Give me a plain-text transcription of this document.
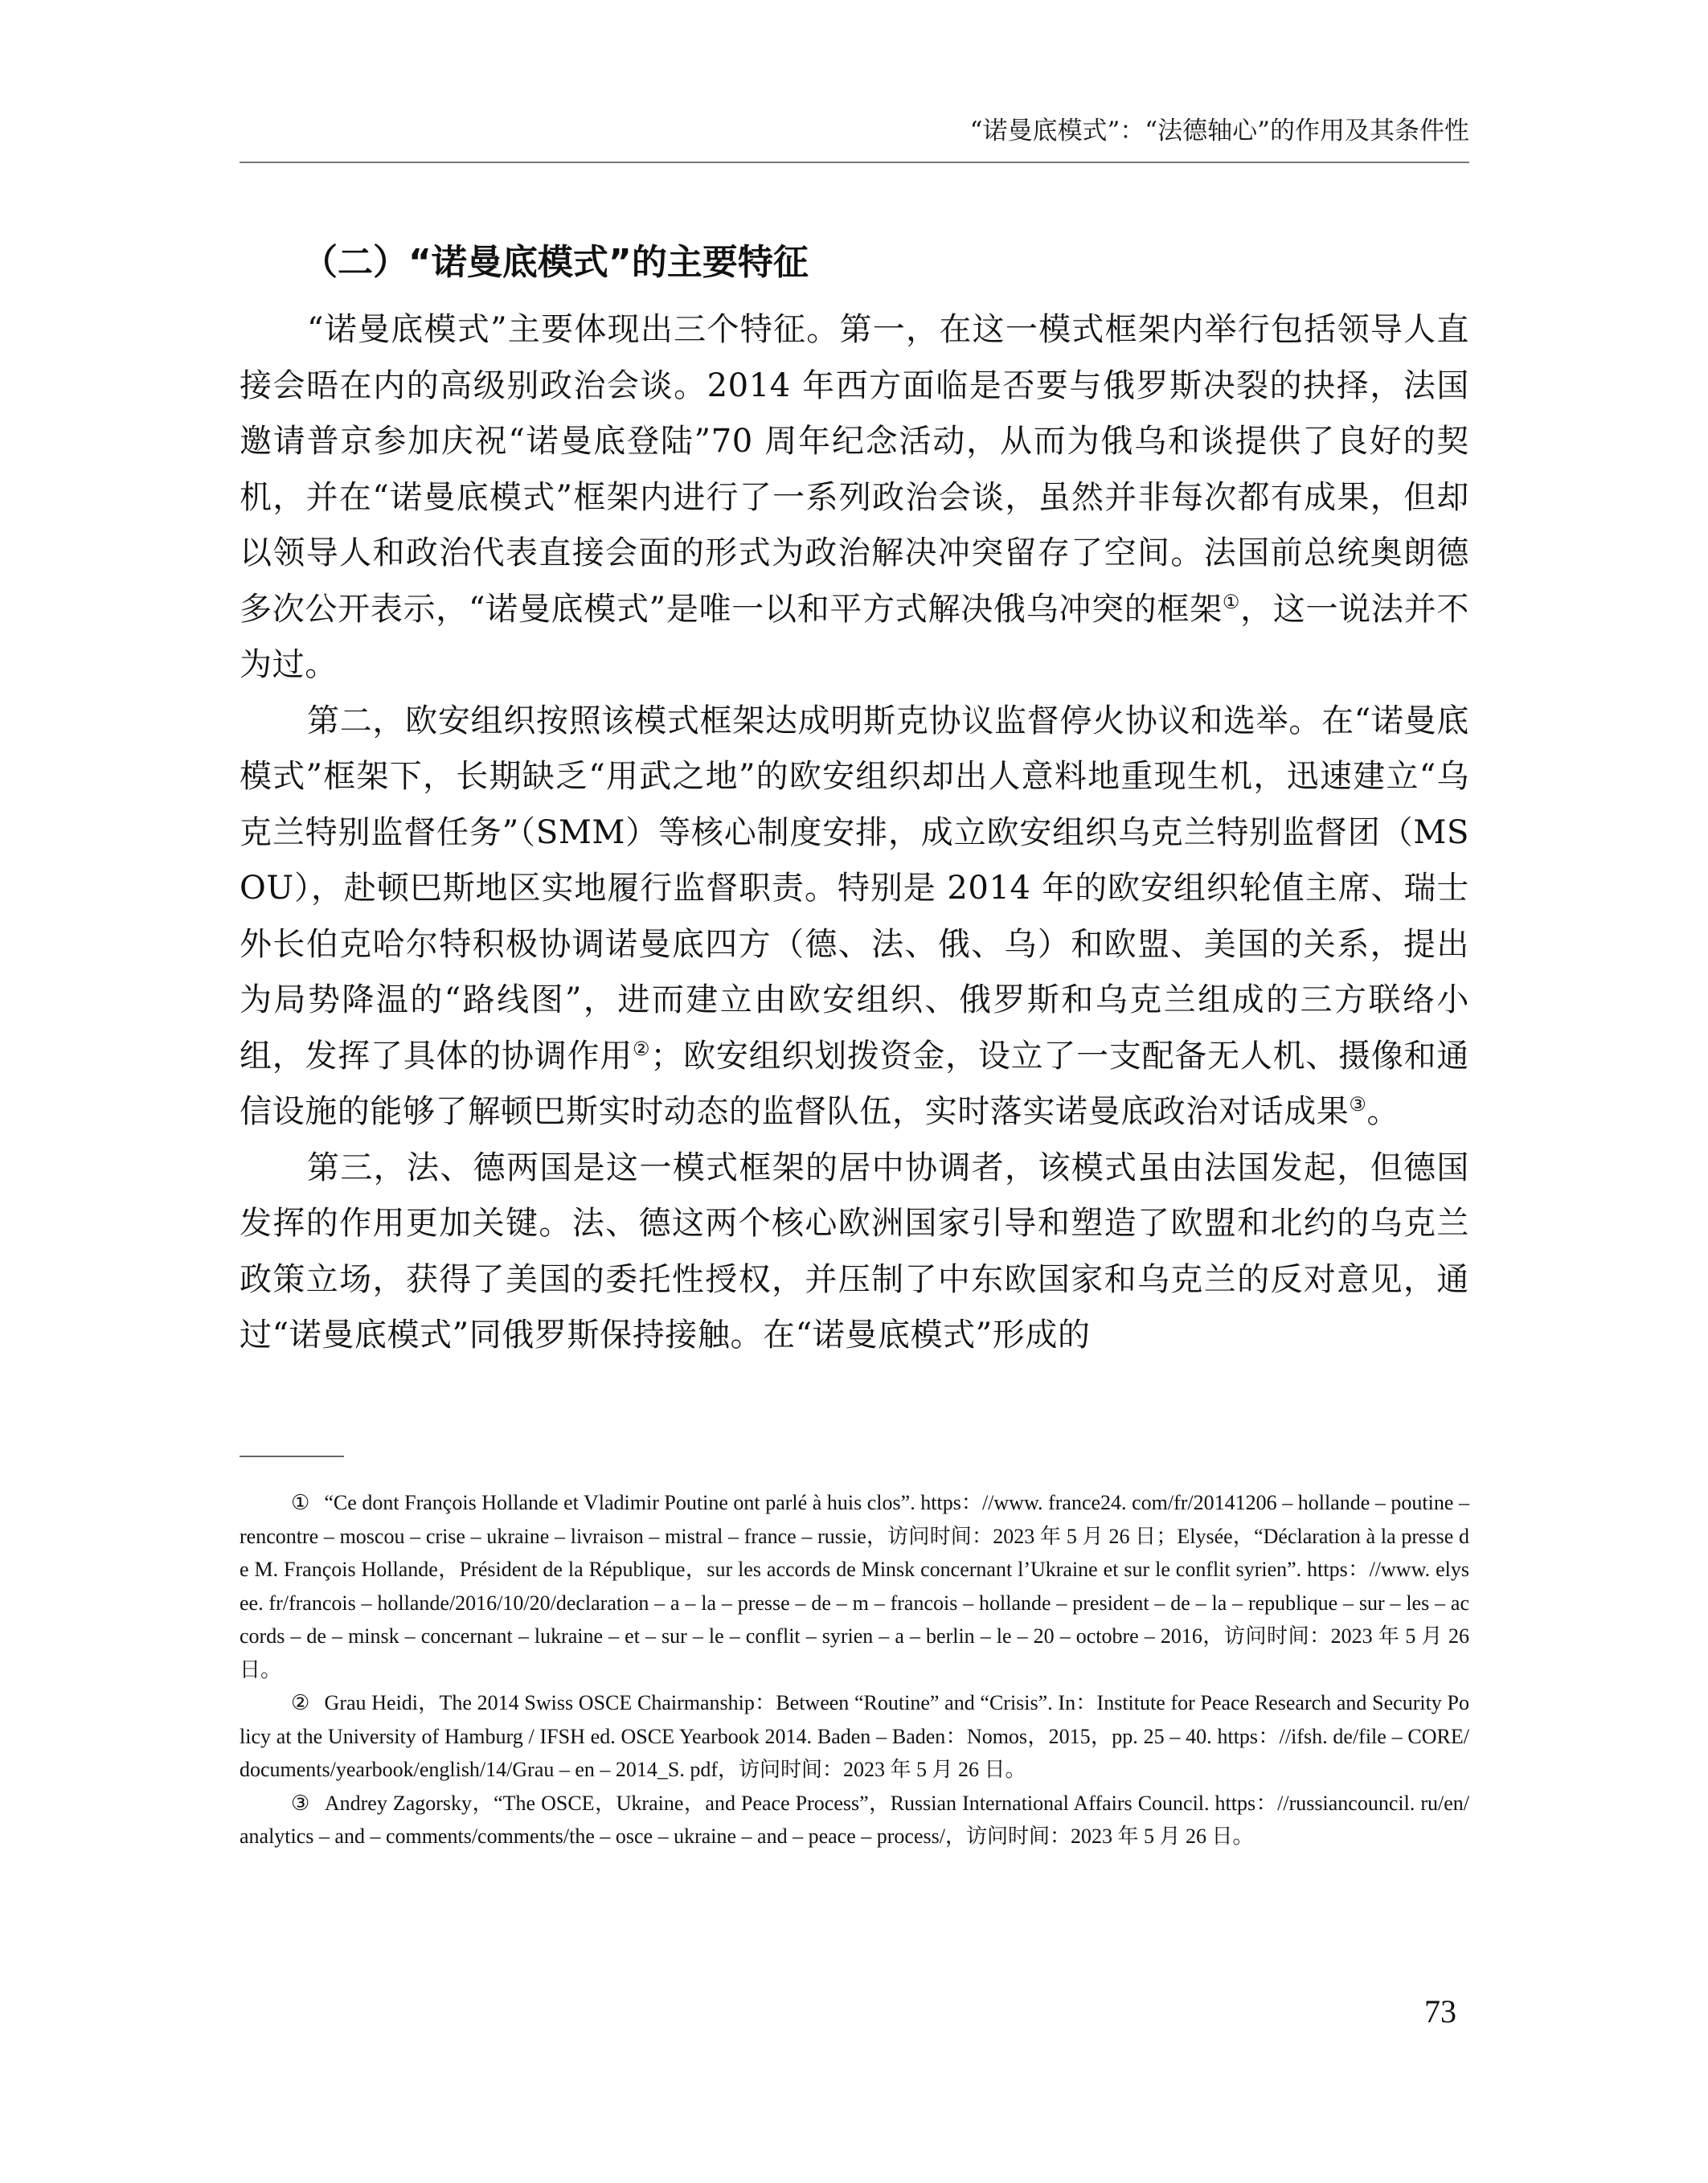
“诺曼底模式”：“法德轴心”的作用及其条件性
（二）“诺曼底模式”的主要特征

“诺曼底模式”主要体现出三个特征。第一，在这一模式框架内举行包括领导人直接会晤在内的高级别政治会谈。2014 年西方面临是否要与俄罗斯决裂的抉择，法国邀请普京参加庆祝“诺曼底登陆”70 周年纪念活动，从而为俄乌和谈提供了良好的契机，并在“诺曼底模式”框架内进行了一系列政治会谈，虽然并非每次都有成果，但却以领导人和政治代表直接会面的形式为政治解决冲突留存了空间。法国前总统奥朗德多次公开表示，“诺曼底模式”是唯一以和平方式解决俄乌冲突的框架①，这一说法并不为过。

第二，欧安组织按照该模式框架达成明斯克协议监督停火协议和选举。在“诺曼底模式”框架下，长期缺乏“用武之地”的欧安组织却出人意料地重现生机，迅速建立“乌克兰特别监督任务”（SMM）等核心制度安排，成立欧安组织乌克兰特别监督团（MSOU），赴顿巴斯地区实地履行监督职责。特别是 2014 年的欧安组织轮值主席、瑞士外长伯克哈尔特积极协调诺曼底四方（德、法、俄、乌）和欧盟、美国的关系，提出为局势降温的“路线图”，进而建立由欧安组织、俄罗斯和乌克兰组成的三方联络小组，发挥了具体的协调作用②；欧安组织划拨资金，设立了一支配备无人机、摄像和通信设施的能够了解顿巴斯实时动态的监督队伍，实时落实诺曼底政治对话成果③。

第三，法、德两国是这一模式框架的居中协调者，该模式虽由法国发起，但德国发挥的作用更加关键。法、德这两个核心欧洲国家引导和塑造了欧盟和北约的乌克兰政策立场，获得了美国的委托性授权，并压制了中东欧国家和乌克兰的反对意见，通过“诺曼底模式”同俄罗斯保持接触。在“诺曼底模式”形成的

① “Ce dont François Hollande et Vladimir Poutine ont parlé à huis clos”. https：//www. france24. com/fr/20141206 – hollande – poutine – rencontre – moscou – crise – ukraine – livraison – mistral – france – russie，访问时间：2023 年 5 月 26 日；Elysée，“Déclaration à la presse de M. François Hollande，Président de la République，sur les accords de Minsk concernant l’Ukraine et sur le conflit syrien”. https：//www. elysee. fr/francois – hollande/2016/10/20/declaration – a – la – presse – de – m – francois – hollande – president – de – la – republique – sur – les – accords – de – minsk – concernant – lukraine – et – sur – le – conflit – syrien – a – berlin – le – 20 – octobre – 2016，访问时间：2023 年 5 月 26 日。

② Grau Heidi，The 2014 Swiss OSCE Chairmanship：Between “Routine” and “Crisis”. In：Institute for Peace Research and Security Policy at the University of Hamburg / IFSH ed. OSCE Yearbook 2014. Baden – Baden：Nomos，2015，pp. 25 – 40. https：//ifsh. de/file – CORE/documents/yearbook/english/14/Grau – en – 2014_S. pdf，访问时间：2023 年 5 月 26 日。

③ Andrey Zagorsky，“The OSCE，Ukraine，and Peace Process”，Russian International Affairs Council. https：//russiancouncil. ru/en/analytics – and – comments/comments/the – osce – ukraine – and – peace – process/，访问时间：2023 年 5 月 26 日。

73
